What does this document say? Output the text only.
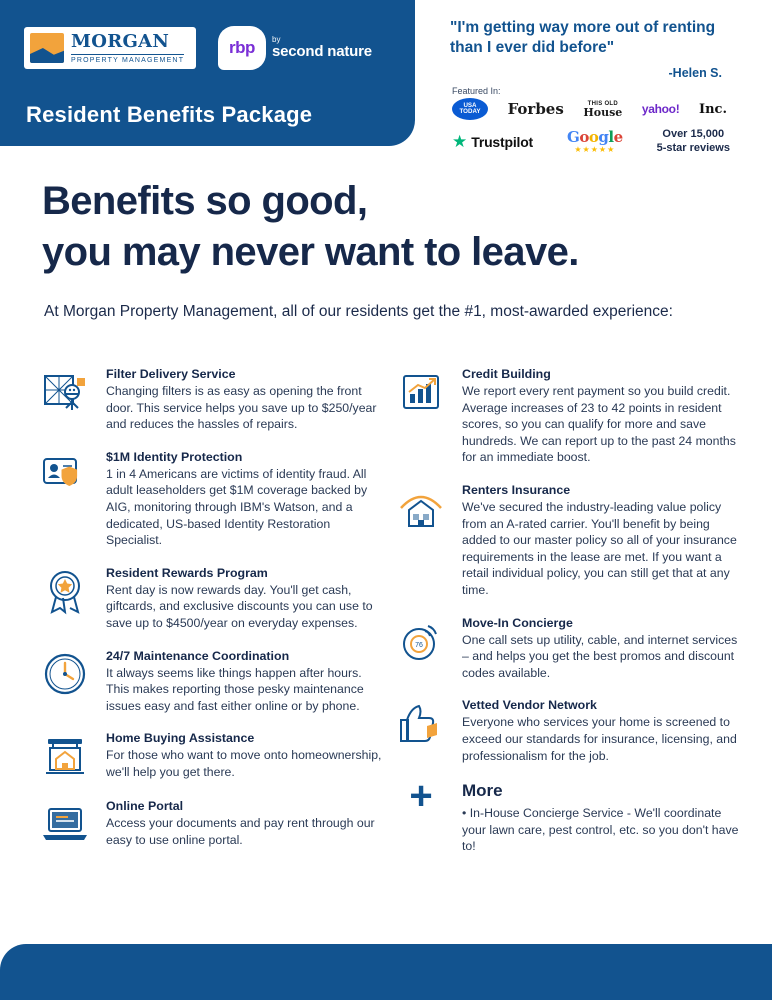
MORGAN
PROPERTY MANAGEMENT
rbp by
second nature
Resident Benefits Package
"I'm getting way more out of renting than I ever did before"
-Helen S.
Featured In:
USA
TODAY Forbes	THIS OLD
House yahoo! Inc.
★ Trustpilot Google
★★★★★
Over 15,000
5-star reviews
Benefits so good,
you may never want to leave.
At Morgan Property Management, all of our residents get the #1, most-awarded experience:
Filter Delivery Service
Changing filters is as easy as opening the front door. This service helps you save up to $250/year and reduces the hassles of repairs.
$1M Identity Protection
1 in 4 Americans are victims of identity fraud. All adult leaseholders get $1M coverage backed by AIG, monitoring through IBM's Watson, and a dedicated, US-based Identity Restoration Specialist.
Resident Rewards Program
Rent day is now rewards day. You'll get cash, giftcards, and exclusive discounts you can use to save up to $4500/year on everyday expenses.
24/7 Maintenance Coordination
It always seems like things happen after hours. This makes reporting those pesky maintenance issues easy and fast either online or by phone.
Home Buying Assistance
For those who want to move onto homeownership, we'll help you get there.
Online Portal
Access your documents and pay rent through our easy to use online portal.
Credit Building
We report every rent payment so you build credit. Average increases of 23 to 42 points in resident scores, so you can qualify for more and save hundreds. We can report up to the past 24 months for an immediate boost.
Renters Insurance
We've secured the industry-leading value policy from an A-rated carrier. You'll benefit by being added to our master policy so all of your insurance requirements in the lease are met. If you want a retail individual policy, you can still get that at any time.
76
Move-In Concierge
One call sets up utility, cable, and internet services – and helps you get the best promos and discount codes available.
Vetted Vendor Network
Everyone who services your home is screened to exceed our standards for insurance, licensing, and professionalism for the job.
+	More
• In-House Concierge Service - We'll coordinate your lawn care, pest control, etc. so you don't have to!
